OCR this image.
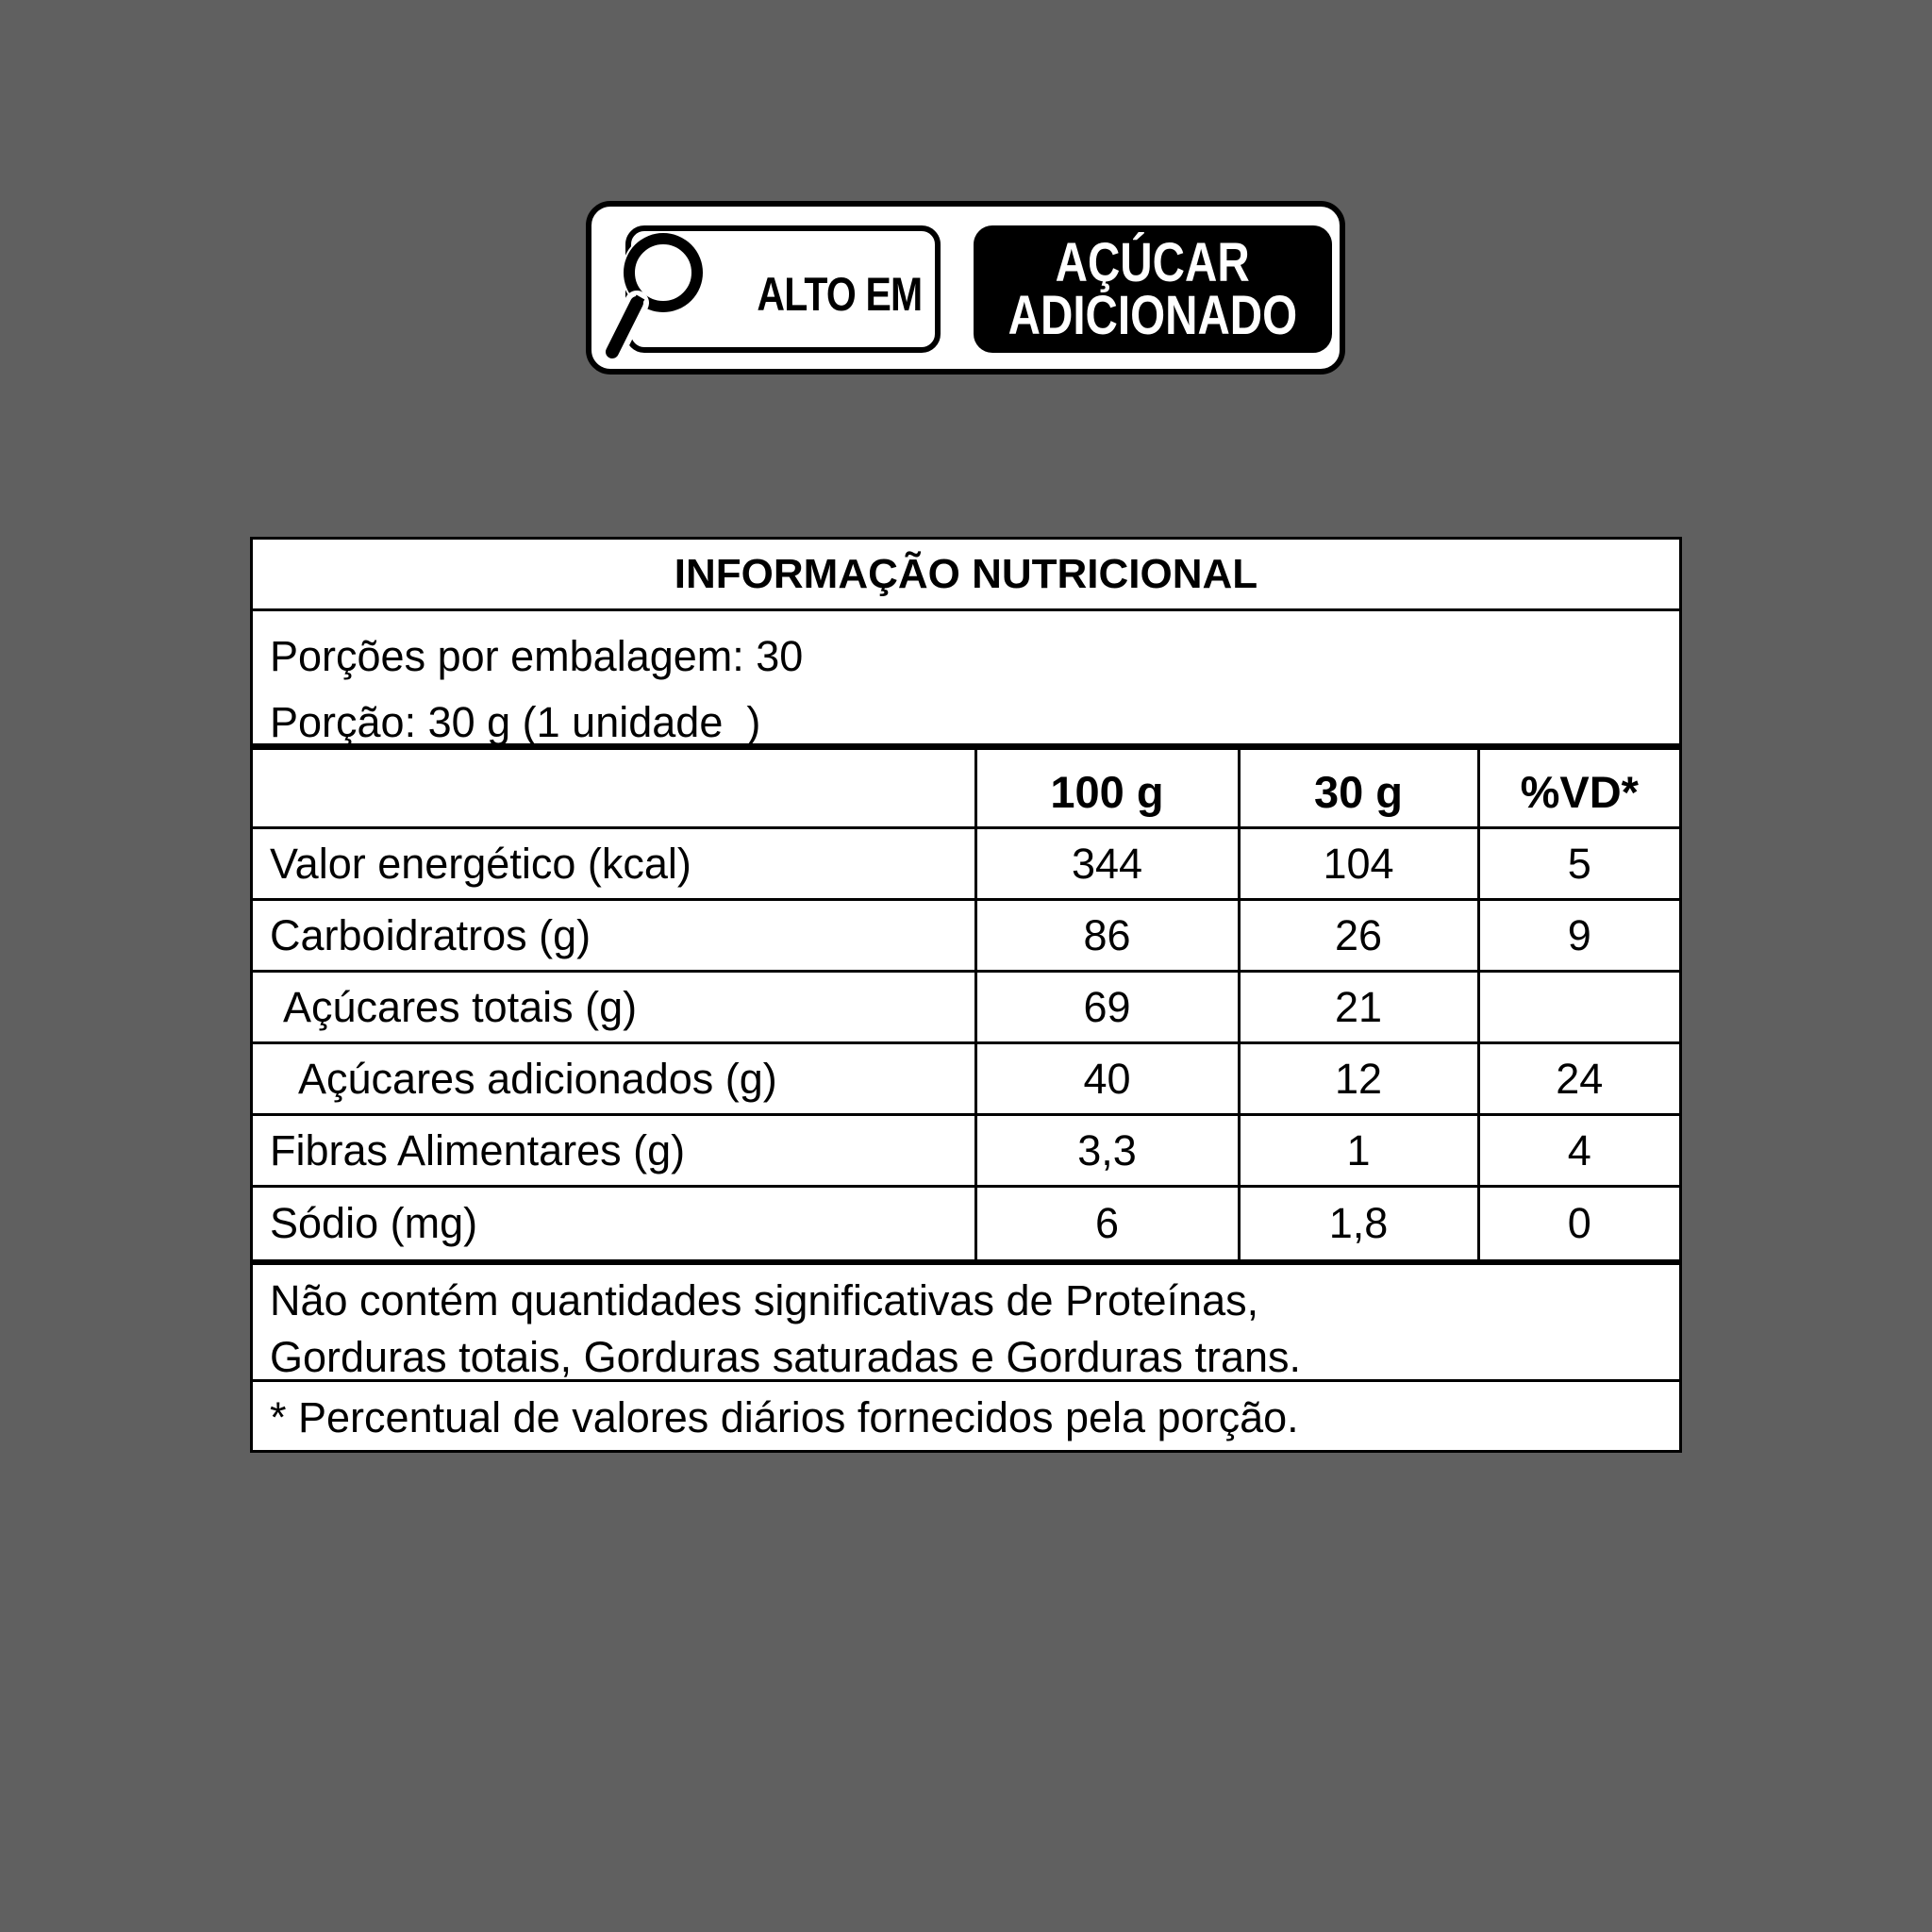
ALTO EM
AÇÚCAR
ADICIONADO
INFORMAÇÃO NUTRICIONAL
Porções por embalagem: 30
Porção: 30 g (1 unidade  )
	100 g	30 g	%VD*
Valor energético (kcal)	344	104	5
Carboidratros (g)	86	26	9
Açúcares totais (g)	69	21	
Açúcares adicionados (g)	40	12	24
Fibras Alimentares (g)	3,3	1	4
Sódio (mg)	6	1,8	0
Não contém quantidades significativas de Proteínas,
Gorduras totais, Gorduras saturadas e Gorduras trans.
* Percentual de valores diários fornecidos pela porção.
